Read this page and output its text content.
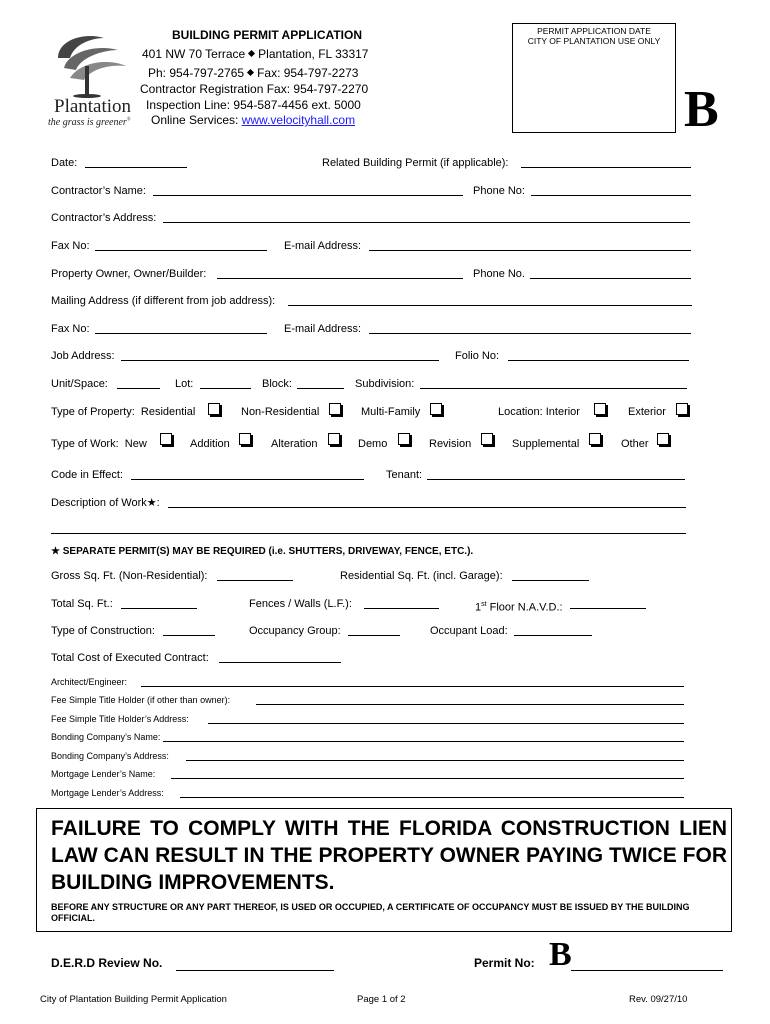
Plantation
the grass is greener®
BUILDING PERMIT APPLICATION
401 NW 70 Terrace Plantation, FL 33317
Ph: 954-797-2765 Fax: 954-797-2273
Contractor Registration Fax: 954-797-2270
Inspection Line: 954-587-4456 ext. 5000
Online Services: www.velocityhall.com
PERMIT APPLICATION DATE
CITY OF PLANTATION USE ONLY
B
Date:	Related Building Permit (if applicable):
Contractor’s Name:	Phone No:
Contractor’s Address:
Fax No:	E-mail Address:
Property Owner, Owner/Builder:	Phone No.
Mailing Address (if different from job address):
Fax No:	E-mail Address:
Job Address:	Folio No:
Unit/Space:	Lot:	Block:	Subdivision:
Type of Property: Residential	Non-Residential	Multi-Family	Location: Interior	Exterior
Type of Work: New	Addition	Alteration	Demo	Revision	Supplemental	Other
Code in Effect:	Tenant:
Description of Work★:
★ SEPARATE PERMIT(S) MAY BE REQUIRED (i.e. SHUTTERS, DRIVEWAY, FENCE, ETC.).
Gross Sq. Ft. (Non-Residential):	Residential Sq. Ft. (incl. Garage):
Total Sq. Ft.:	Fences / Walls (L.F.):	1st Floor N.A.V.D.:
Type of Construction:	Occupancy Group:	Occupant Load:
Total Cost of Executed Contract:
Architect/Engineer:
Fee Simple Title Holder (if other than owner):
Fee Simple Title Holder’s Address:
Bonding Company’s Name:
Bonding Company’s Address:
Mortgage Lender’s Name:
Mortgage Lender’s Address:
FAILURE TO COMPLY WITH THE FLORIDA CONSTRUCTION LIEN LAW CAN RESULT IN THE PROPERTY OWNER PAYING TWICE FOR BUILDING IMPROVEMENTS.
BEFORE ANY STRUCTURE OR ANY PART THEREOF, IS USED OR OCCUPIED, A CERTIFICATE OF OCCUPANCY MUST BE ISSUED BY THE BUILDING OFFICIAL.
D.E.R.D Review No.	Permit No: B
City of Plantation Building Permit Application	Page 1 of 2	Rev. 09/27/10
